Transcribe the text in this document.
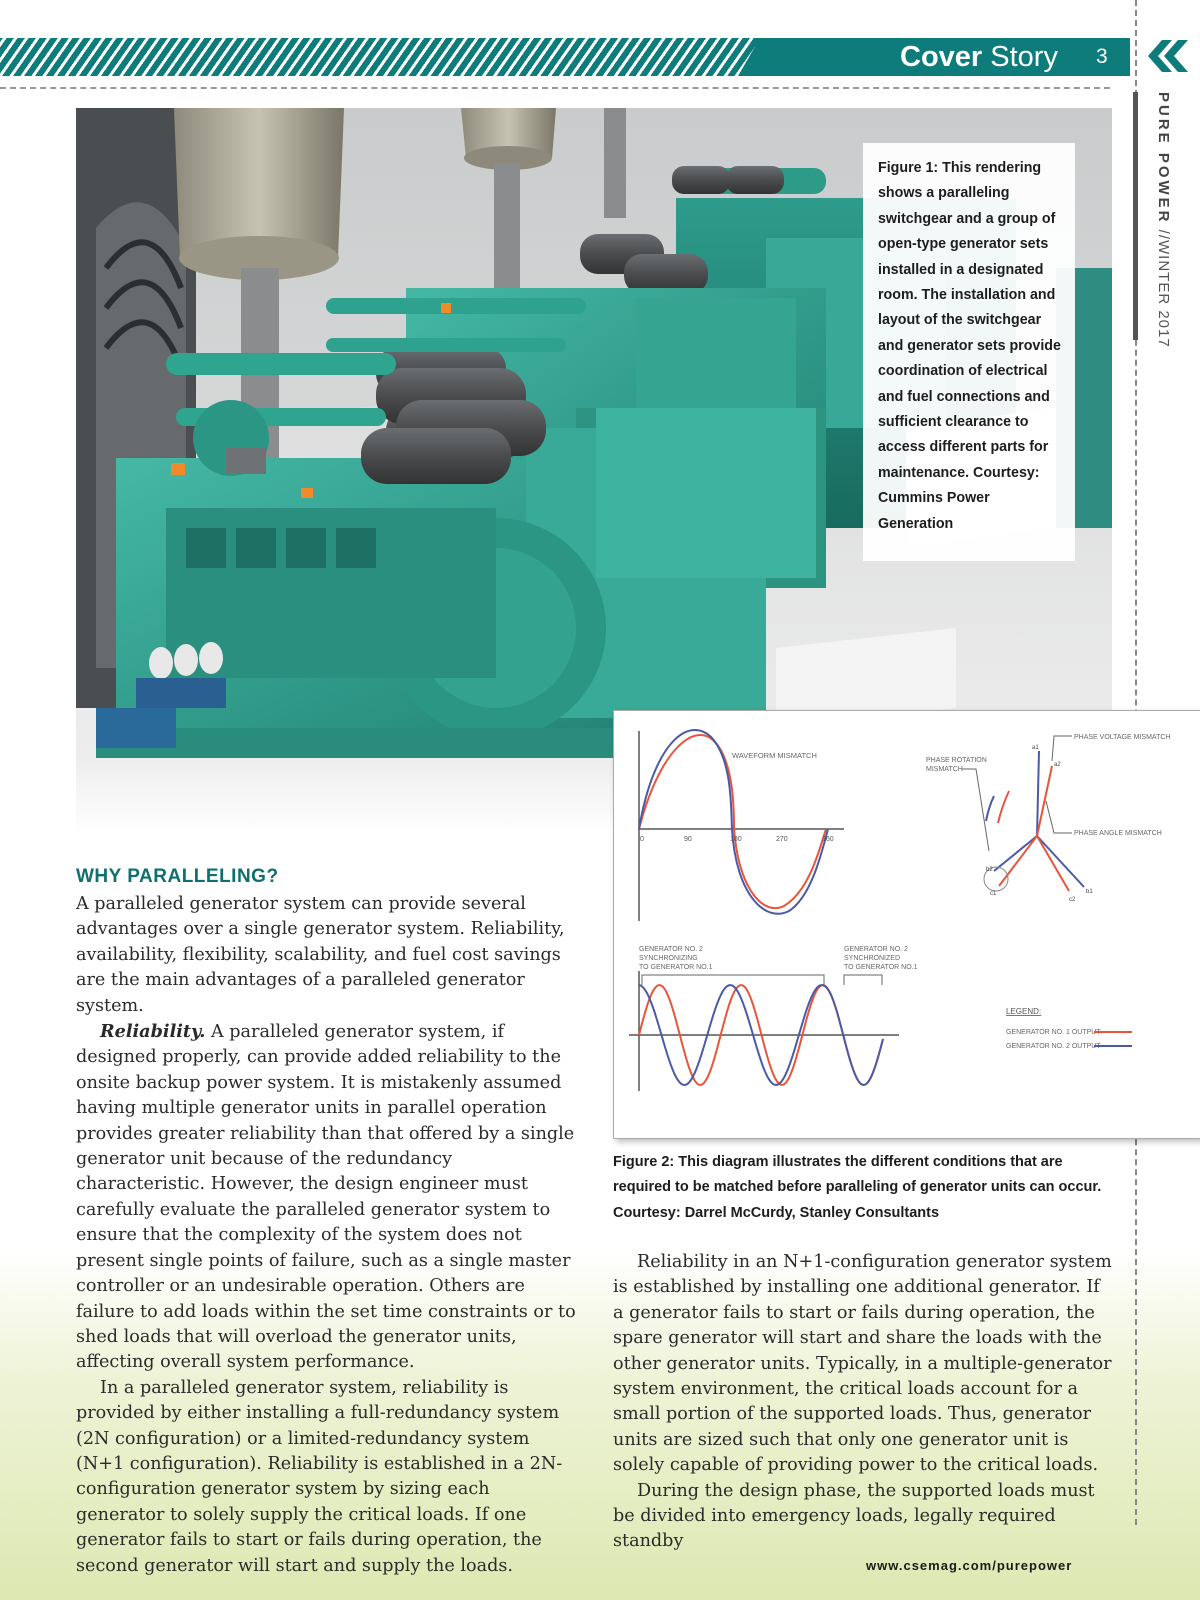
Cover Story 3
PURE POWER //WINTER 2017
Figure 1: This rendering shows a paralleling switchgear and a group of open-type generator sets installed in a designated room. The installation and layout of the switchgear and generator sets provide coordination of electrical and fuel connections and sufficient clearance to access different parts for maintenance. Courtesy: Cummins Power Generation
0	90	180	270	360
WAVEFORM MISMATCH
PHASE ROTATION
MISMATCH
PHASE VOLTAGE MISMATCH
PHASE ANGLE MISMATCH
a1
a2
b1
b2
c1
c2
GENERATOR NO. 2
SYNCHRONIZING
TO GENERATOR NO.1
GENERATOR NO. 2
SYNCHRONIZED
TO GENERATOR NO.1
LEGEND:
GENERATOR NO. 1 OUTPUT
GENERATOR NO. 2 OUTPUT
Figure 2: This diagram illustrates the different conditions that are required to be matched before paralleling of generator units can occur. Courtesy: Darrel McCurdy, Stanley Consultants
WHY PARALLELING?

A paralleled generator system can provide several advantages over a single generator system. Reliability, availability, flexibility, scalability, and fuel cost savings are the main advantages of a paralleled generator system.

Reliability. A paralleled generator system, if designed properly, can provide added reliability to the onsite backup power system. It is mistakenly assumed having multiple generator units in parallel operation provides greater reliability than that offered by a single generator unit because of the redundancy characteristic. However, the design engineer must carefully evaluate the paralleled generator system to ensure that the complexity of the system does not present single points of failure, such as a single master controller or an undesirable operation. Others are failure to add loads within the set time constraints or to shed loads that will overload the generator units, affecting overall system performance.

In a paralleled generator system, reliability is provided by either installing a full-redundancy system (2N configuration) or a limited-redundancy system (N+1 configuration). Reliability is established in a 2N-configuration generator system by sizing each generator to solely supply the critical loads. If one generator fails to start or fails during operation, the second generator will start and supply the loads.

Reliability in an N+1-configuration generator system is established by installing one additional generator. If a generator fails to start or fails during operation, the spare generator will start and share the loads with the other generator units. Typically, in a multiple-generator system environment, the critical loads account for a small portion of the supported loads. Thus, generator units are sized such that only one generator unit is solely capable of providing power to the critical loads.

During the design phase, the supported loads must be divided into emergency loads, legally required standby

www.csemag.com/purepower
